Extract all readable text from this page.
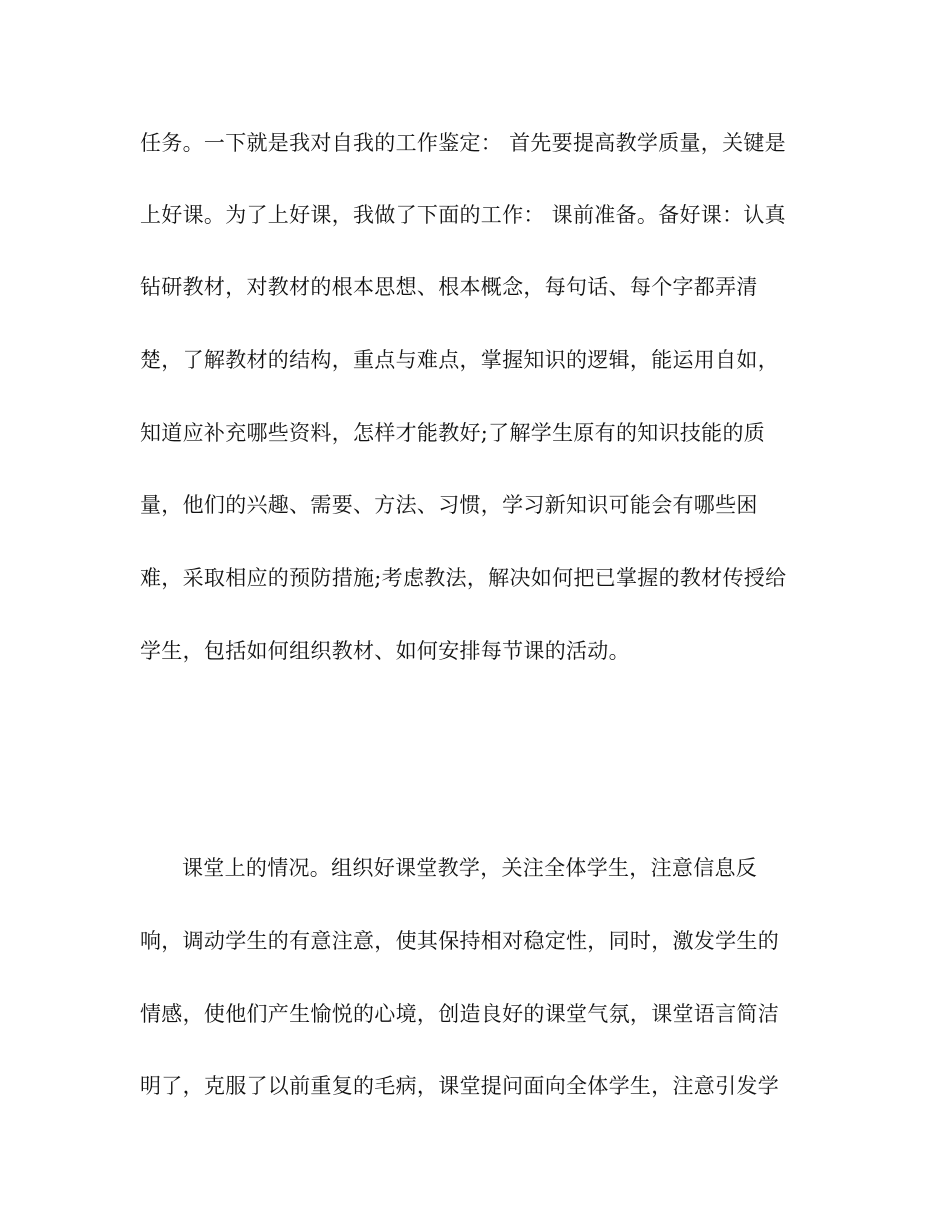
任务。一下就是我对自我的工作鉴定： 首先要提高教学质量，关键是
上好课。为了上好课，我做了下面的工作： 课前准备。备好课：认真
钻研教材，对教材的根本思想、根本概念，每句话、每个字都弄清
楚，了解教材的结构，重点与难点，掌握知识的逻辑，能运用自如，
知道应补充哪些资料，怎样才能教好;了解学生原有的知识技能的质
量，他们的兴趣、需要、方法、习惯，学习新知识可能会有哪些困
难，采取相应的预防措施;考虑教法，解决如何把已掌握的教材传授给
学生，包括如何组织教材、如何安排每节课的活动。
课堂上的情况。组织好课堂教学，关注全体学生，注意信息反
响，调动学生的有意注意，使其保持相对稳定性，同时，激发学生的
情感，使他们产生愉悦的心境，创造良好的课堂气氛，课堂语言简洁
明了，克服了以前重复的毛病，课堂提问面向全体学生，注意引发学
